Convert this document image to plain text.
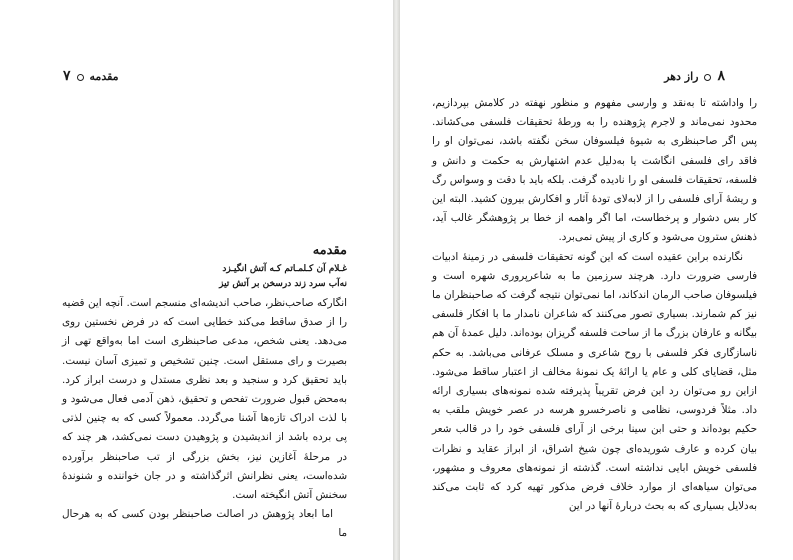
مقدمه۷
مقدمه
غـلام آن کـلمـاتم کـه آتش انگیـزد
نه‌آب سرد زند درسخن بر آتش تیز

انگارکه صاحب‌نظر، صاحب اندیشه‌ای منسجم است. آنچه این قضیه را از صدق ساقط می‌کند خطایی است که در فرض نخستین روی می‌دهد. یعنی شخص، مدعی صاحبنظری است اما به‌واقع تهی از بصیرت و رای مستقل است. چنین تشخیص و تمیزی آسان نیست. باید تحقیق کرد و سنجید و بعد نظری مستدل و درست ابراز کرد. به‌محض قبول ضرورت تفحص و تحقیق، ذهن آدمی فعال می‌شود و با لذت ادراک تازه‌ها آشنا می‌گردد. معمولاً کسی که به چنین لذتی پی برده باشد از اندیشیدن و پژوهیدن دست نمی‌کشد، هر چند که در مرحلهٔ آغازین نیز، بخش بزرگی از تب صاحبنظر برآورده شده‌است، یعنی نظرانش اثرگذاشته و در جان خواننده و شنوندهٔ سخنش آتش انگیخته است.

اما ابعاد پژوهش در اصالت صاحبنظر بودن کسی که به هرحال ما

۸راز دهر

را واداشته تا به‌نقد و وارسی مفهوم و منظور نهفته در کلامش بپردازیم، محدود نمی‌ماند و لاجرم پژوهنده را به ورطهٔ تحقیقات فلسفی می‌کشاند. پس اگر صاحبنظری به شیوهٔ فیلسوفان سخن نگفته باشد، نمی‌توان او را فاقد رای فلسفی انگاشت یا به‌دلیل عدم اشتهارش به حکمت و دانش و فلسفه، تحقیقات فلسفی او را نادیده گرفت. بلکه باید با دقت و وسواس رگ و ریشهٔ آرای فلسفی را از لابه‌لای تودهٔ آثار و افکارش بیرون کشید. البته این کار بس دشوار و پرخطاست، اما اگر واهمه از خطا بر پژوهشگر غالب آید، ذهنش سترون می‌شود و کاری از پیش نمی‌برد.

نگارنده براین عقیده است که این گونه تحقیقات فلسفی در زمینهٔ ادبیات فارسی ضرورت دارد. هرچند سرزمین ما به شاعرپروری شهره است و فیلسوفان صاحب الرمان اندکاند، اما نمی‌توان نتیجه گرفت که صاحبنظران ما نیز کم شمارند. بسیاری تصور می‌کنند که شاعران نامدار ما با افکار فلسفی بیگانه و عارفان بزرگ ما از ساحت فلسفه گریزان بوده‌اند. دلیل عمدهٔ آن هم ناسازگاری فکر فلسفی با روح شاعری و مسلک عرفانی می‌باشد. به حکم مثل، قضایای کلی و عام یا ارائهٔ یک نمونهٔ مخالف از اعتبار ساقط می‌شود. ازاین رو می‌توان رد این فرض تقریباً پذیرفته شده نمونه‌های بسیاری ارائه داد. مثلاً فردوسی، نظامی و ناصرخسرو هرسه در عصر خویش ملقب به حکیم بوده‌اند و حتی ابن سینا برخی از آرای فلسفی خود را در قالب شعر بیان کرده و عارف شوریده‌ای چون شیخ اشراق، از ابراز عقاید و نظرات فلسفی خویش ابایی نداشته است. گذشته از نمونه‌های معروف و مشهور، می‌توان سیاهه‌ای از موارد خلاف فرض مذکور تهیه کرد که ثابت می‌کند به‌دلایل بسیاری که به بحث دربارهٔ آنها در این
